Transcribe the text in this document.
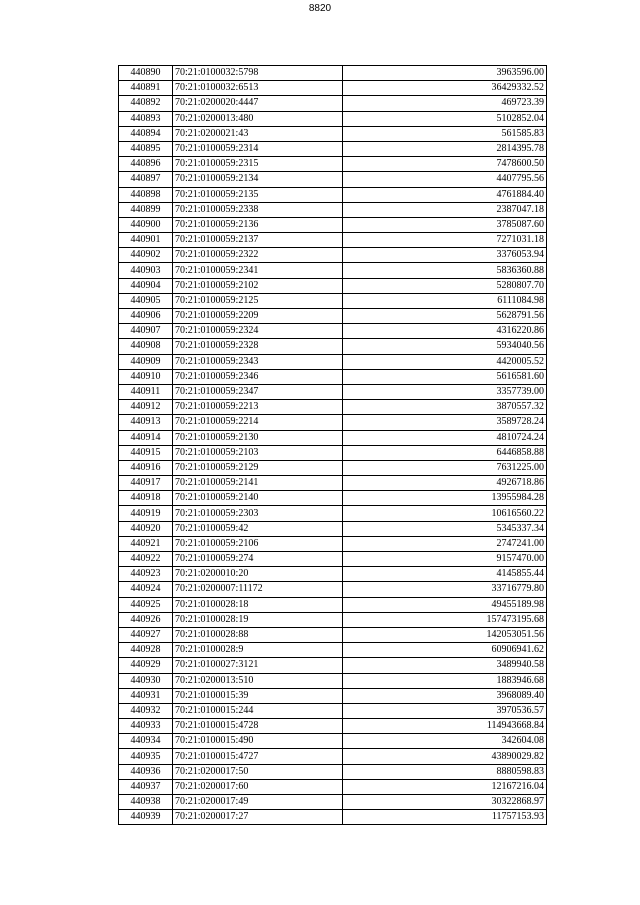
8820
440890	70:21:0100032:5798	3963596.00
440891	70:21:0100032:6513	36429332.52
440892	70:21:0200020:4447	469723.39
440893	70:21:0200013:480	5102852.04
440894	70:21:0200021:43	561585.83
440895	70:21:0100059:2314	2814395.78
440896	70:21:0100059:2315	7478600.50
440897	70:21:0100059:2134	4407795.56
440898	70:21:0100059:2135	4761884.40
440899	70:21:0100059:2338	2387047.18
440900	70:21:0100059:2136	3785087.60
440901	70:21:0100059:2137	7271031.18
440902	70:21:0100059:2322	3376053.94
440903	70:21:0100059:2341	5836360.88
440904	70:21:0100059:2102	5280807.70
440905	70:21:0100059:2125	6111084.98
440906	70:21:0100059:2209	5628791.56
440907	70:21:0100059:2324	4316220.86
440908	70:21:0100059:2328	5934040.56
440909	70:21:0100059:2343	4420005.52
440910	70:21:0100059:2346	5616581.60
440911	70:21:0100059:2347	3357739.00
440912	70:21:0100059:2213	3870557.32
440913	70:21:0100059:2214	3589728.24
440914	70:21:0100059:2130	4810724.24
440915	70:21:0100059:2103	6446858.88
440916	70:21:0100059:2129	7631225.00
440917	70:21:0100059:2141	4926718.86
440918	70:21:0100059:2140	13955984.28
440919	70:21:0100059:2303	10616560.22
440920	70:21:0100059:42	5345337.34
440921	70:21:0100059:2106	2747241.00
440922	70:21:0100059:274	9157470.00
440923	70:21:0200010:20	4145855.44
440924	70:21:0200007:11172	33716779.80
440925	70:21:0100028:18	49455189.98
440926	70:21:0100028:19	157473195.68
440927	70:21:0100028:88	142053051.56
440928	70:21:0100028:9	60906941.62
440929	70:21:0100027:3121	3489940.58
440930	70:21:0200013:510	1883946.68
440931	70:21:0100015:39	3968089.40
440932	70:21:0100015:244	3970536.57
440933	70:21:0100015:4728	114943668.84
440934	70:21:0100015:490	342604.08
440935	70:21:0100015:4727	43890029.82
440936	70:21:0200017:50	8880598.83
440937	70:21:0200017:60	12167216.04
440938	70:21:0200017:49	30322868.97
440939	70:21:0200017:27	11757153.93
